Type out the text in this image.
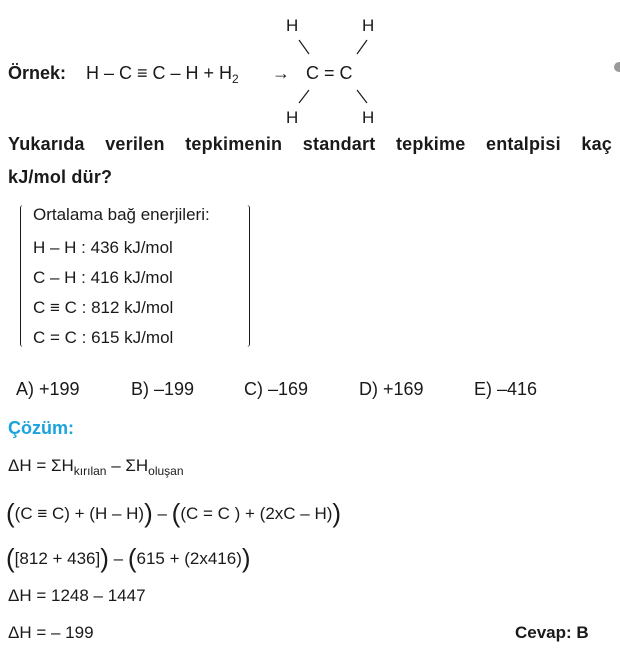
Örnek: $H - C \equiv C - H + H_2 \to C = C$
H	H
H	H
Yukarıda verilen tepkimenin standart tepkime entalpisi kaç
kJ/mol dür?
Ortalama bağ enerjileri:
H – H : 436 kJ/mol
C – H : 416 kJ/mol
C ≡ C : 812 kJ/mol
C = C : 615 kJ/mol
A) +199	B) –199	C) –169	D) +169	E) –416
Çözüm:
$\Delta H = \Sigma H_{kırılan} - \Sigma H_{oluşan}$
((C ≡ C) + (H – H)) – ((C = C ) + (2xC – H))
([812 + 436]) – (615 + (2x416))
ΔH = 1248 – 1447
ΔH = – 199	Cevap: B
